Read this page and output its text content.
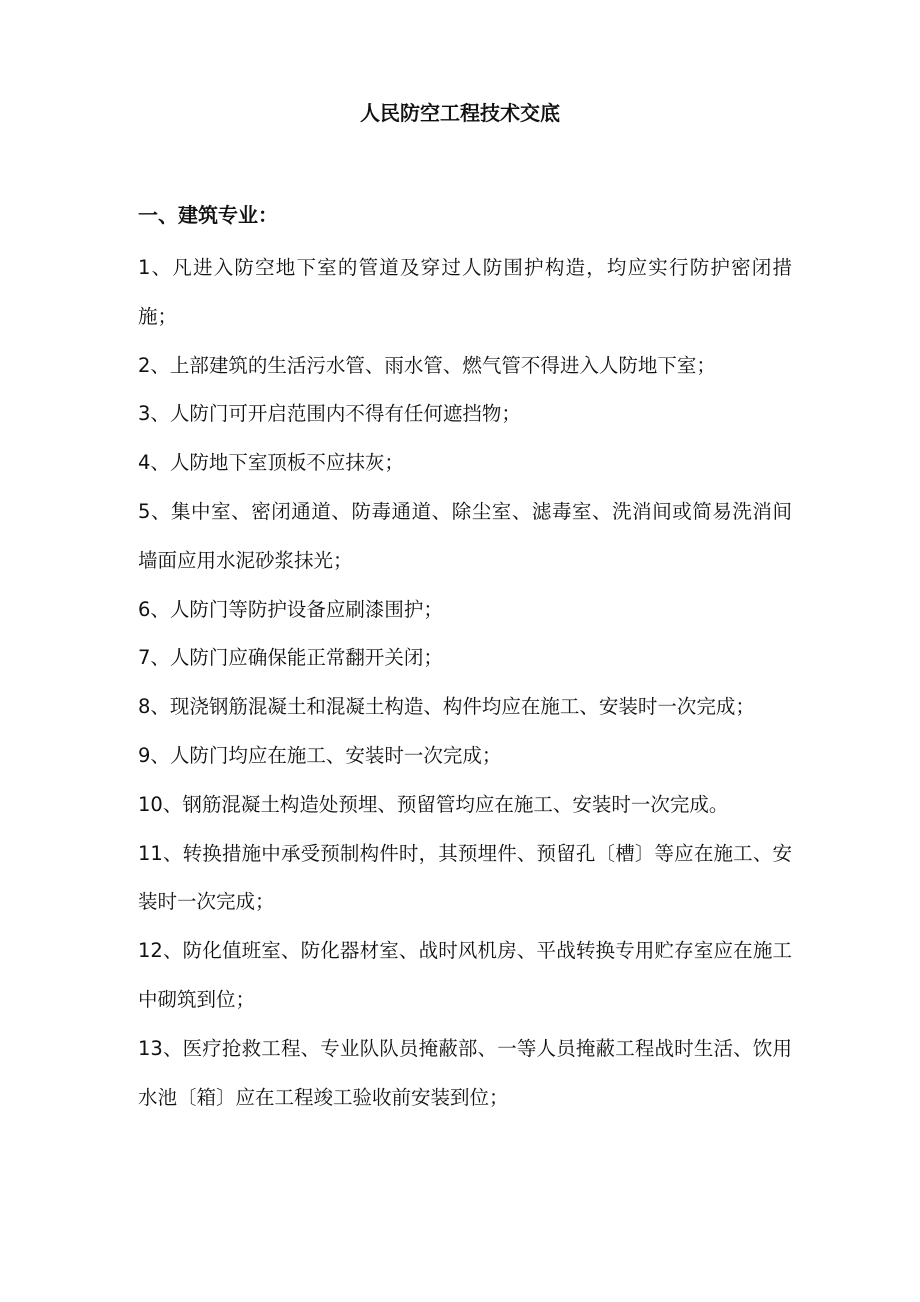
人民防空工程技术交底
一、建筑专业：
1、凡进入防空地下室的管道及穿过人防围护构造，均应实行防护密闭措施；
2、上部建筑的生活污水管、雨水管、燃气管不得进入人防地下室；
3、人防门可开启范围内不得有任何遮挡物；
4、人防地下室顶板不应抹灰；
5、集中室、密闭通道、防毒通道、除尘室、滤毒室、洗消间或简易洗消间墙面应用水泥砂浆抹光；
6、人防门等防护设备应刷漆围护；
7、人防门应确保能正常翻开关闭；
8、现浇钢筋混凝土和混凝土构造、构件均应在施工、安装时一次完成；
9、人防门均应在施工、安装时一次完成；
10、钢筋混凝土构造处预埋、预留管均应在施工、安装时一次完成。
11、转换措施中承受预制构件时，其预埋件、预留孔〔槽〕等应在施工、安装时一次完成；
12、防化值班室、防化器材室、战时风机房、平战转换专用贮存室应在施工中砌筑到位；
13、医疗抢救工程、专业队队员掩蔽部、一等人员掩蔽工程战时生活、饮用水池〔箱〕应在工程竣工验收前安装到位；
